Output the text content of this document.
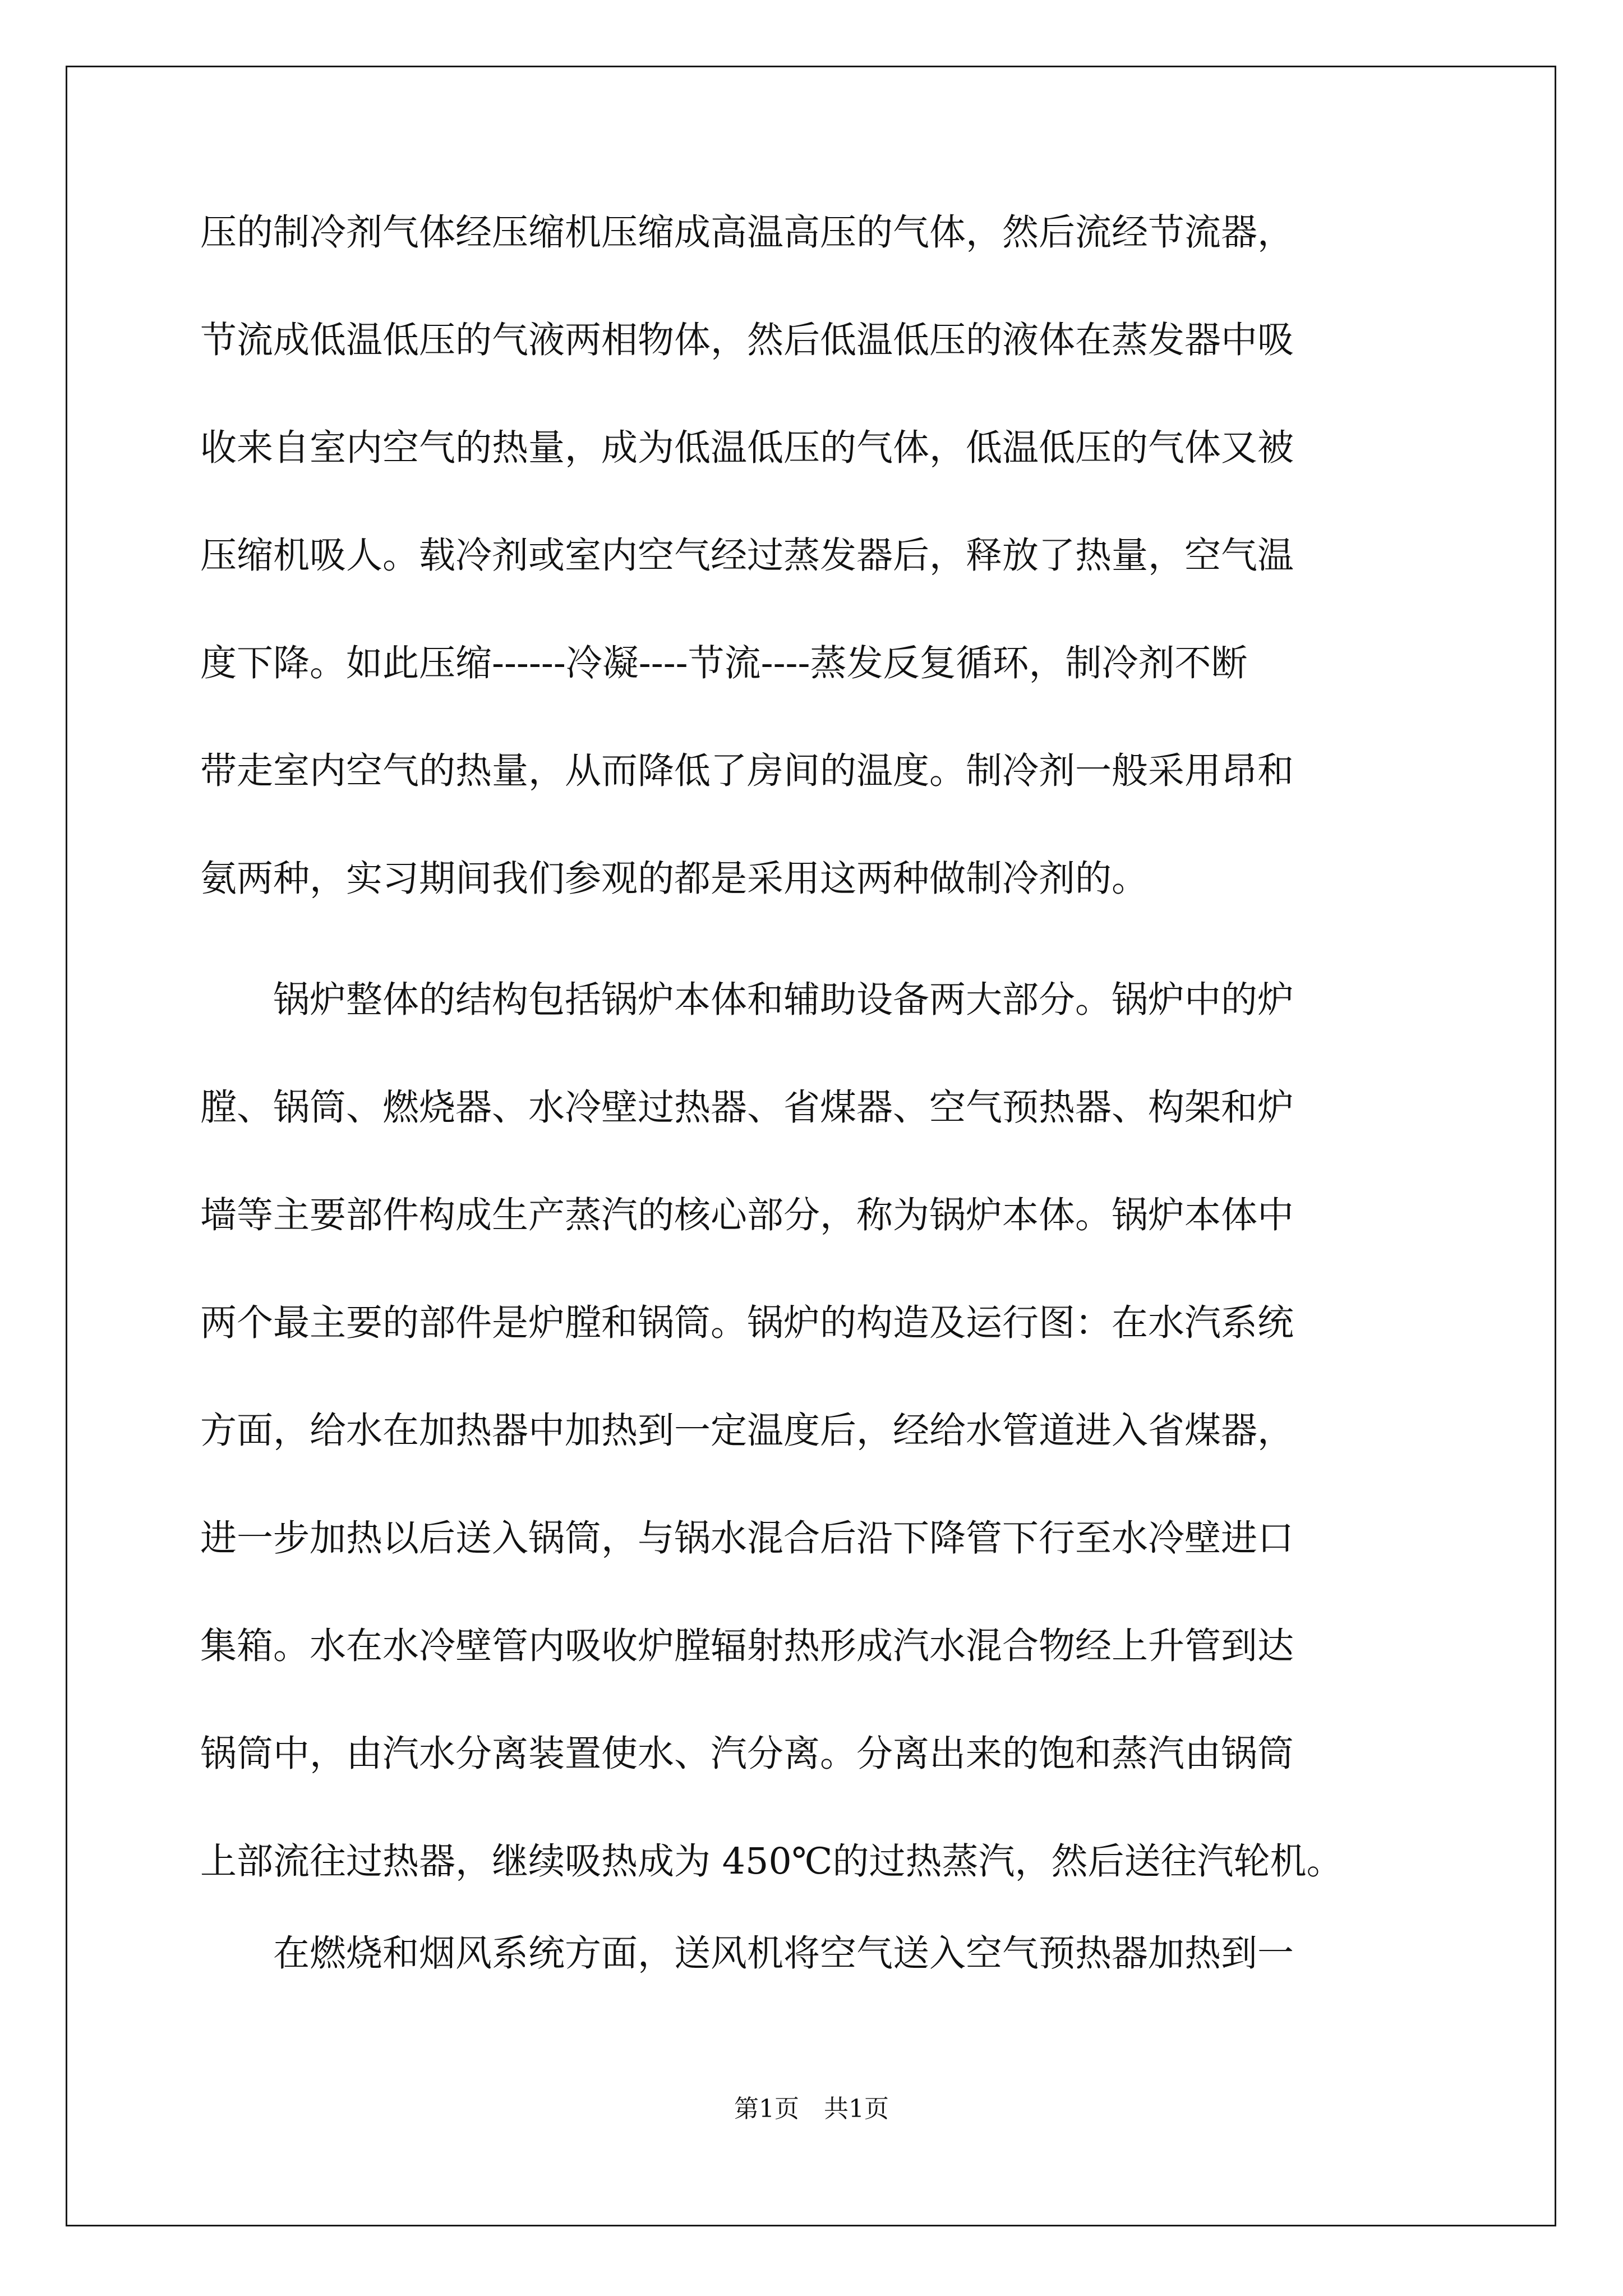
压的制冷剂气体经压缩机压缩成高温高压的气体，然后流经节流器，
节流成低温低压的气液两相物体，然后低温低压的液体在蒸发器中吸
收来自室内空气的热量，成为低温低压的气体，低温低压的气体又被
压缩机吸人。载冷剂或室内空气经过蒸发器后，释放了热量，空气温
度下降。如此压缩------冷凝----节流----蒸发反复循环，制冷剂不断
带走室内空气的热量，从而降低了房间的温度。制冷剂一般采用昂和
氨两种，实习期间我们参观的都是采用这两种做制冷剂的。
　　锅炉整体的结构包括锅炉本体和辅助设备两大部分。锅炉中的炉
膛、锅筒、燃烧器、水冷壁过热器、省煤器、空气预热器、构架和炉
墙等主要部件构成生产蒸汽的核心部分，称为锅炉本体。锅炉本体中
两个最主要的部件是炉膛和锅筒。锅炉的构造及运行图：在水汽系统
方面，给水在加热器中加热到一定温度后，经给水管道进入省煤器，
进一步加热以后送入锅筒，与锅水混合后沿下降管下行至水冷壁进口
集箱。水在水冷壁管内吸收炉膛辐射热形成汽水混合物经上升管到达
锅筒中，由汽水分离装置使水、汽分离。分离出来的饱和蒸汽由锅筒
上部流往过热器，继续吸热成为 450℃的过热蒸汽，然后送往汽轮机。
　　在燃烧和烟风系统方面，送风机将空气送入空气预热器加热到一
第1页　共1页
